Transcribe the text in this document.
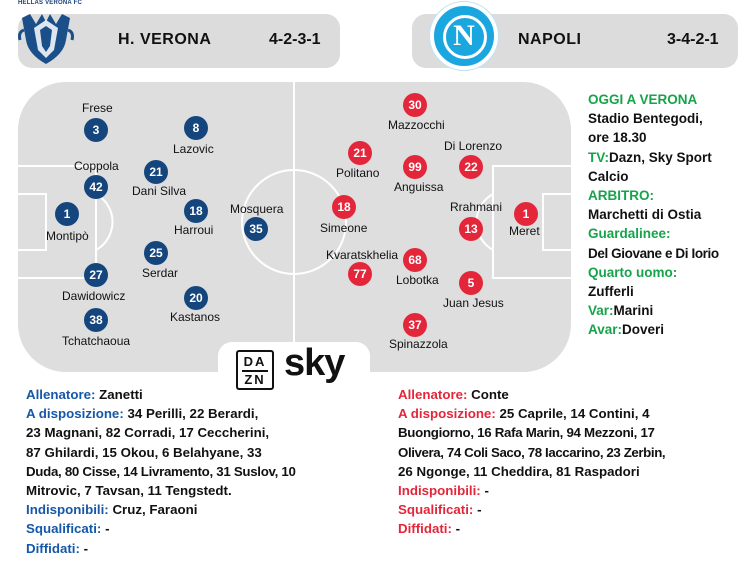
HELLAS VERONA FC
H. VERONA	4-2-3-1	N	NAPOLI	3-4-2-1
1
Montipò
3
Frese
42
Coppola
27
Dawidowicz
38
Tchatchaoua
21
Dani Silva
25
Serdar
8
Lazovic
18
Harroui
20
Kastanos
35
Mosquera	1
Meret
22
Di Lorenzo
13
Rrahmani
5
Juan Jesus
99
Anguissa
68
Lobotka
30
Mazzocchi
37
Spinazzola
21
Politano
77
Kvaratskhelia
18
Simeone
DA
ZN sky
OGGI A VERONA
Stadio Bentegodi,
ore 18.30
TV:Dazn, Sky Sport
Calcio
ARBITRO:
Marchetti di Ostia
Guardalinee:
Del Giovane e Di Iorio
Quarto uomo:
Zufferli
Var:Marini
Avar:Doveri
Allenatore: Zanetti
A disposizione: 34 Perilli, 22 Berardi,
23 Magnani, 82 Corradi, 17 Ceccherini,
87 Ghilardi, 15 Okou, 6 Belahyane, 33
Duda, 80 Cisse, 14 Livramento, 31 Suslov, 10
Mitrovic, 7 Tavsan, 11 Tengstedt.
Indisponibili: Cruz, Faraoni
Squalificati: -
Diffidati: -
Allenatore: Conte
A disposizione: 25 Caprile, 14 Contini, 4
Buongiorno, 16 Rafa Marin, 94 Mezzoni, 17
Olivera, 74 Coli Saco, 78 Iaccarino, 23 Zerbin,
26 Ngonge, 11 Cheddira, 81 Raspadori
Indisponibili: -
Squalificati: -
Diffidati: -
